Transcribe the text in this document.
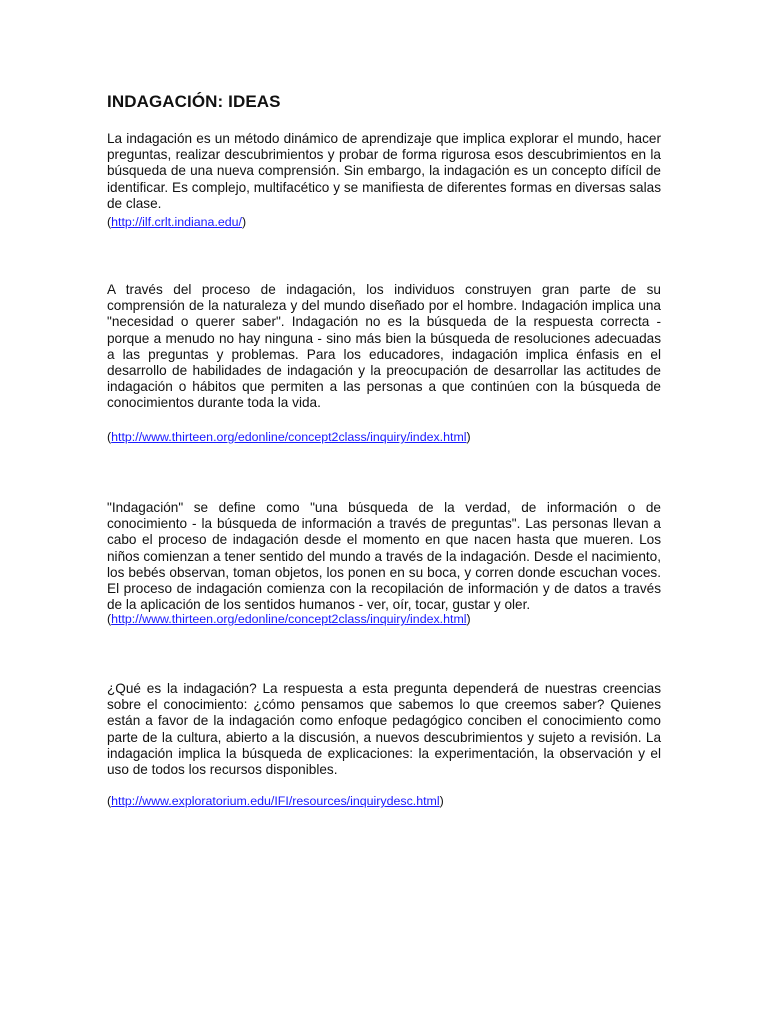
INDAGACIÓN: IDEAS

La indagación es un método dinámico de aprendizaje que implica explorar el mundo, hacer preguntas, realizar descubrimientos y probar de forma rigurosa esos descubrimientos en la búsqueda de una nueva comprensión. Sin embargo, la indagación es un concepto difícil de identificar. Es complejo, multifacético y se manifiesta de diferentes formas en diversas salas de clase.

(http://ilf.crlt.indiana.edu/)

A través del proceso de indagación, los individuos construyen gran parte de su comprensión de la naturaleza y del mundo diseñado por el hombre. Indagación implica una "necesidad o querer saber". Indagación no es la búsqueda de la respuesta correcta - porque a menudo no hay ninguna - sino más bien la búsqueda de resoluciones adecuadas a las preguntas y problemas. Para los educadores, indagación implica énfasis en el desarrollo de habilidades de indagación y la preocupación de desarrollar las actitudes de indagación o hábitos que permiten a las personas a que continúen con la búsqueda de conocimientos durante toda la vida.

(http://www.thirteen.org/edonline/concept2class/inquiry/index.html)

"Indagación" se define como "una búsqueda de la verdad, de información o de conocimiento - la búsqueda de información a través de preguntas". Las personas llevan a cabo el proceso de indagación desde el momento en que nacen hasta que mueren. Los niños comienzan a tener sentido del mundo a través de la indagación. Desde el nacimiento, los bebés observan, toman objetos, los ponen en su boca, y corren donde escuchan voces. El proceso de indagación comienza con la recopilación de información y de datos a través de la aplicación de los sentidos humanos - ver, oír, tocar, gustar y oler.

(http://www.thirteen.org/edonline/concept2class/inquiry/index.html)

¿Qué es la indagación? La respuesta a esta pregunta dependerá de nuestras creencias sobre el conocimiento: ¿cómo pensamos que sabemos lo que creemos saber? Quienes están a favor de la indagación como enfoque pedagógico conciben el conocimiento como parte de la cultura, abierto a la discusión, a nuevos descubrimientos y sujeto a revisión. La indagación implica la búsqueda de explicaciones: la experimentación, la observación y el uso de todos los recursos disponibles.

(http://www.exploratorium.edu/IFI/resources/inquirydesc.html)
